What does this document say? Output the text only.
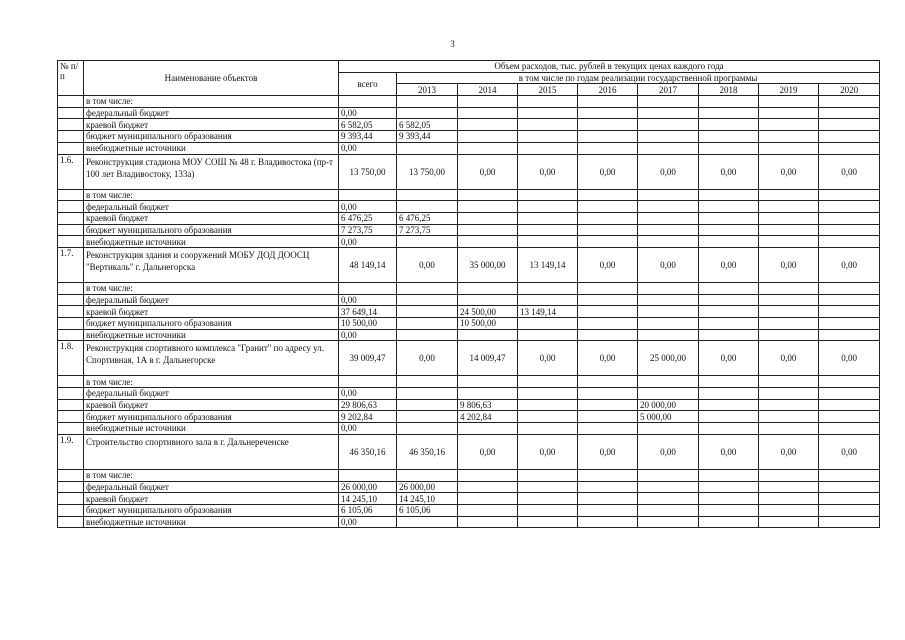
3
№ п/п	Наименование объектов	Объем расходов, тыс. рублей в текущих ценах каждого года								
		всего	в том числе по годам реализации государственной программы							
			2013	2014	2015	2016	2017	2018	2019	2020
	в том числе:									
	федеральный бюджет	0,00								
	краевой бюджет	6 582,05	6 582,05							
	бюджет муниципального образования	9 393,44	9 393,44							
	внебюджетные источники	0,00								
1.6.	Реконструкция стадиона МОУ СОШ № 48 г. Владивостока (пр-т 100 лет Владивостоку, 133а)	13 750,00	13 750,00	0,00	0,00	0,00	0,00	0,00	0,00	0,00
	в том числе:									
	федеральный бюджет	0,00								
	краевой бюджет	6 476,25	6 476,25							
	бюджет муниципального образования	7 273,75	7 273,75							
	внебюджетные источники	0,00								
1.7.	Реконструкция здания и сооружений МОБУ ДОД ДООСЦ "Вертикаль" г. Дальнегорска	48 149,14	0,00	35 000,00	13 149,14	0,00	0,00	0,00	0,00	0,00
	в том числе:									
	федеральный бюджет	0,00								
	краевой бюджет	37 649,14		24 500,00	13 149,14					
	бюджет муниципального образования	10 500,00		10 500,00						
	внебюджетные источники	0,00								
1.8.	Реконструкция спортивного комплекса "Гранит" по адресу ул. Спортивная, 1А в г. Дальнегорске	39 009,47	0,00	14 009,47	0,00	0,00	25 000,00	0,00	0,00	0,00
	в том числе:									
	федеральный бюджет	0,00								
	краевой бюджет	29 806,63		9 806,63			20 000,00			
	бюджет муниципального образования	9 202,84		4 202,84			5 000,00			
	внебюджетные источники	0,00								
1.9.	Строительство спортивного зала в г. Дальнереченске	46 350,16	46 350,16	0,00	0,00	0,00	0,00	0,00	0,00	0,00
	в том числе:									
	федеральный бюджет	26 000,00	26 000,00							
	краевой бюджет	14 245,10	14 245,10							
	бюджет муниципального образования	6 105,06	6 105,06							
	внебюджетные источники	0,00								
